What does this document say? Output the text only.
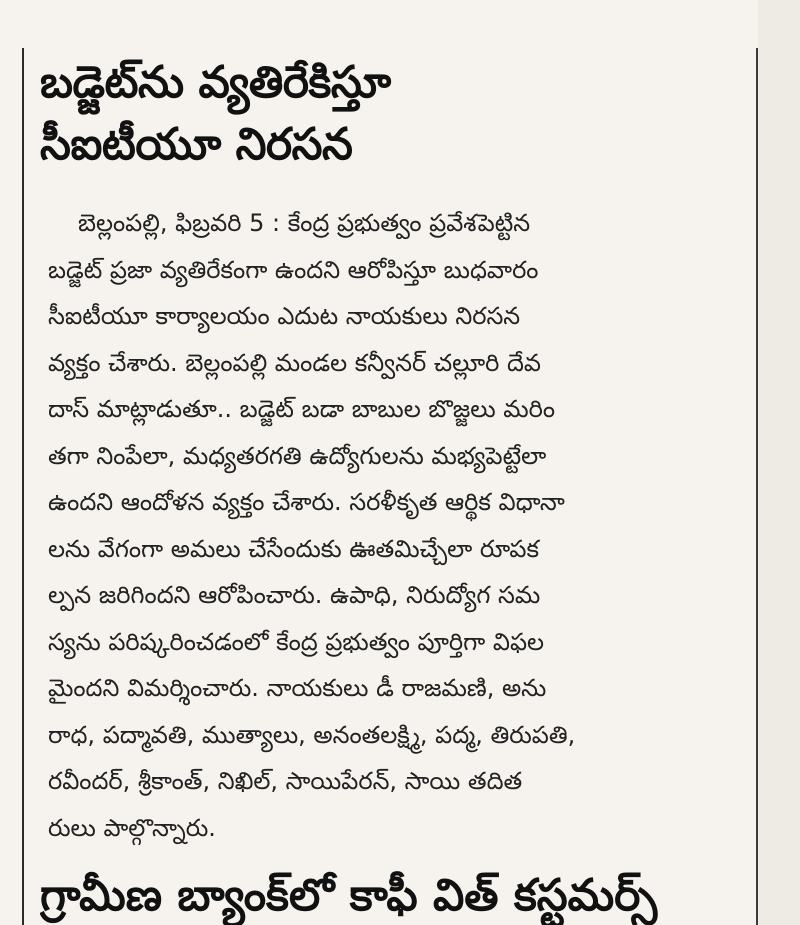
బడ్జెట్‌ను వ్యతిరేకిస్తూ
సీఐటీయూ నిరసన
బెల్లంపల్లి, ఫిబ్రవరి 5 : కేంద్ర ప్రభుత్వం ప్రవేశపెట్టిన
బడ్జెట్ ప్రజా వ్యతిరేకంగా ఉందని ఆరోపిస్తూ బుధవారం
సీఐటీయూ కార్యాలయం ఎదుట నాయకులు నిరసన
వ్యక్తం చేశారు. బెల్లంపల్లి మండల కన్వీనర్ చల్లూరి దేవ
దాస్ మాట్లాడుతూ.. బడ్జెట్ బడా బాబుల బొజ్జలు మరిం
తగా నింపేలా, మధ్యతరగతి ఉద్యోగులను మభ్యపెట్టేలా
ఉందని ఆందోళన వ్యక్తం చేశారు. సరళీకృత ఆర్థిక విధానా
లను వేగంగా అమలు చేసేందుకు ఊతమిచ్చేలా రూపక
ల్పన జరిగిందని ఆరోపించారు. ఉపాధి, నిరుద్యోగ సమ
స్యను పరిష్కరించడంలో కేంద్ర ప్రభుత్వం పూర్తిగా విఫల
మైందని విమర్శించారు. నాయకులు డీ రాజమణి, అను
రాధ, పద్మావతి, ముత్యాలు, అనంతలక్ష్మి, పద్మ, తిరుపతి,
రవీందర్, శ్రీకాంత్, నిఖిల్, సాయిపేరన్, సాయి తదిత
రులు పాల్గొన్నారు.
గ్రామీణ బ్యాంక్‌లో కాఫీ విత్ కస్టమర్స్
